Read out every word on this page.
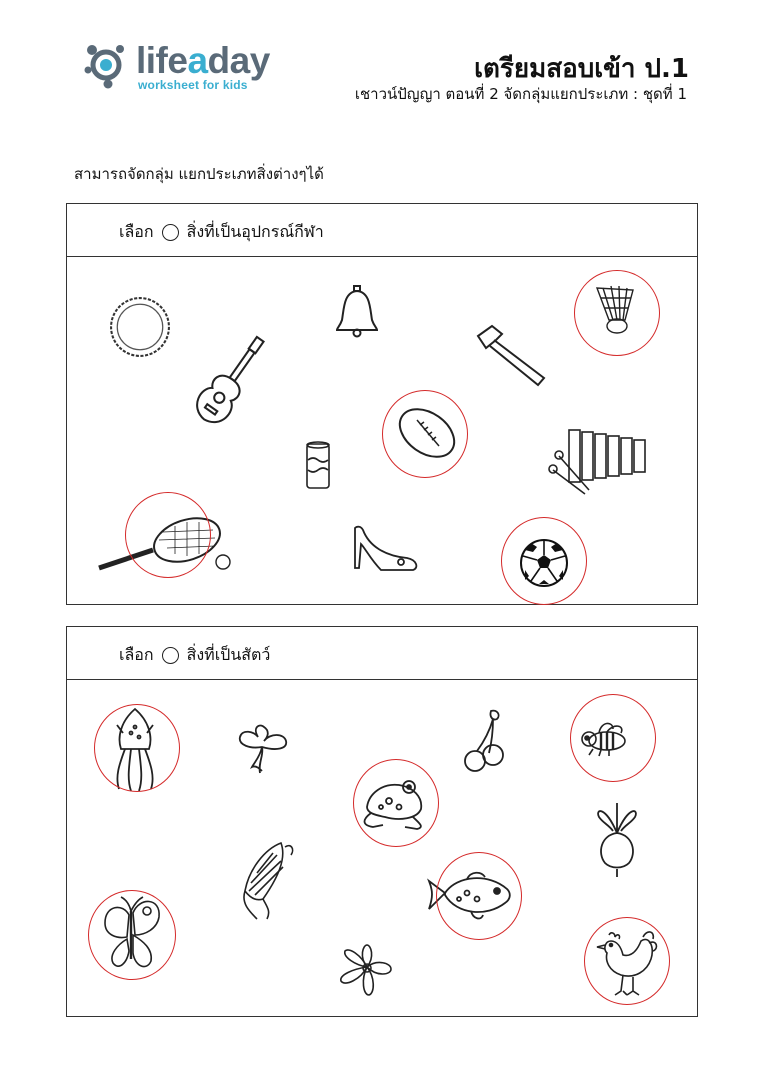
lifeaday
worksheet for kids
เตรียมสอบเข้า ป.1
เชาวน์ปัญญา ตอนที่ 2 จัดกลุ่มแยกประเภท : ชุดที่ 1
สามารถจัดกลุ่ม แยกประเภทสิ่งต่างๆได้
เลือก สิ่งที่เป็นอุปกรณ์กีฬา
เลือก สิ่งที่เป็นสัตว์
